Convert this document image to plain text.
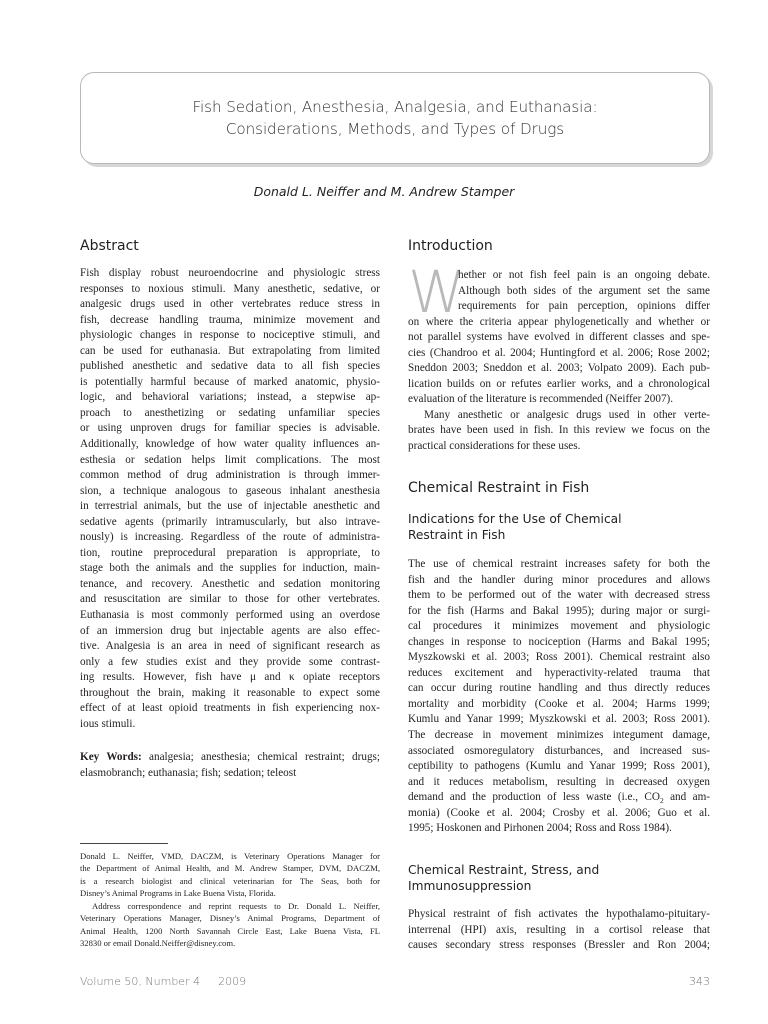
Fish Sedation, Anesthesia, Analgesia, and Euthanasia:
Considerations, Methods, and Types of Drugs
Donald L. Neiffer and M. Andrew Stamper
Abstract
Fish display robust neuroendocrine and physiologic stress
responses to noxious stimuli. Many anesthetic, sedative, or
analgesic drugs used in other vertebrates reduce stress in
fish, decrease handling trauma, minimize movement and
physiologic changes in response to nociceptive stimuli, and
can be used for euthanasia. But extrapolating from limited
published anesthetic and sedative data to all fish species
is potentially harmful because of marked anatomic, physio-
logic, and behavioral variations; instead, a stepwise ap-
proach to anesthetizing or sedating unfamiliar species
or using unproven drugs for familiar species is advisable.
Additionally, knowledge of how water quality influences an-
esthesia or sedation helps limit complications. The most
common method of drug administration is through immer-
sion, a technique analogous to gaseous inhalant anesthesia
in terrestrial animals, but the use of injectable anesthetic and
sedative agents (primarily intramuscularly, but also intrave-
nously) is increasing. Regardless of the route of administra-
tion, routine preprocedural preparation is appropriate, to
stage both the animals and the supplies for induction, main-
tenance, and recovery. Anesthetic and sedation monitoring
and resuscitation are similar to those for other vertebrates.
Euthanasia is most commonly performed using an overdose
of an immersion drug but injectable agents are also effec-
tive. Analgesia is an area in need of significant research as
only a few studies exist and they provide some contrast-
ing results. However, fish have μ and κ opiate receptors
throughout the brain, making it reasonable to expect some
effect of at least opioid treatments in fish experiencing nox-
ious stimuli.
Key Words: analgesia; anesthesia; chemical restraint; drugs;
elasmobranch; euthanasia; fish; sedation; teleost
Donald L. Neiffer, VMD, DACZM, is Veterinary Operations Manager for
the Department of Animal Health, and M. Andrew Stamper, DVM, DACZM,
is a research biologist and clinical veterinarian for The Seas, both for
Disney’s Animal Programs in Lake Buena Vista, Florida.
Address correspondence and reprint requests to Dr. Donald L. Neiffer,
Veterinary Operations Manager, Disney’s Animal Programs, Department of
Animal Health, 1200 North Savannah Circle East, Lake Buena Vista, FL
32830 or email Donald.Neiffer@disney.com.
Introduction
W
hether or not fish feel pain is an ongoing debate.
Although both sides of the argument set the same
requirements for pain perception, opinions differ
on where the criteria appear phylogenetically and whether or
not parallel systems have evolved in different classes and spe-
cies (Chandroo et al. 2004; Huntingford et al. 2006; Rose 2002;
Sneddon 2003; Sneddon et al. 2003; Volpato 2009). Each pub-
lication builds on or refutes earlier works, and a chronological
evaluation of the literature is recommended (Neiffer 2007).
Many anesthetic or analgesic drugs used in other verte-
brates have been used in fish. In this review we focus on the
practical considerations for these uses.
Chemical Restraint in Fish
Indications for the Use of Chemical
Restraint in Fish
The use of chemical restraint increases safety for both the
fish and the handler during minor procedures and allows
them to be performed out of the water with decreased stress
for the fish (Harms and Bakal 1995); during major or surgi-
cal procedures it minimizes movement and physiologic
changes in response to nociception (Harms and Bakal 1995;
Myszkowski et al. 2003; Ross 2001). Chemical restraint also
reduces excitement and hyperactivity-related trauma that
can occur during routine handling and thus directly reduces
mortality and morbidity (Cooke et al. 2004; Harms 1999;
Kumlu and Yanar 1999; Myszkowski et al. 2003; Ross 2001).
The decrease in movement minimizes integument damage,
associated osmoregulatory disturbances, and increased sus-
ceptibility to pathogens (Kumlu and Yanar 1999; Ross 2001),
and it reduces metabolism, resulting in decreased oxygen
demand and the production of less waste (i.e., $CO_2$ and am-
monia) (Cooke et al. 2004; Crosby et al. 2006; Guo et al.
1995; Hoskonen and Pirhonen 2004; Ross and Ross 1984).
Chemical Restraint, Stress, and
Immunosuppression
Physical restraint of fish activates the hypothalamo-pituitary-
interrenal (HPI) axis, resulting in a cortisol release that
causes secondary stress responses (Bressler and Ron 2004;
Volume 50, Number 4 2009	343
